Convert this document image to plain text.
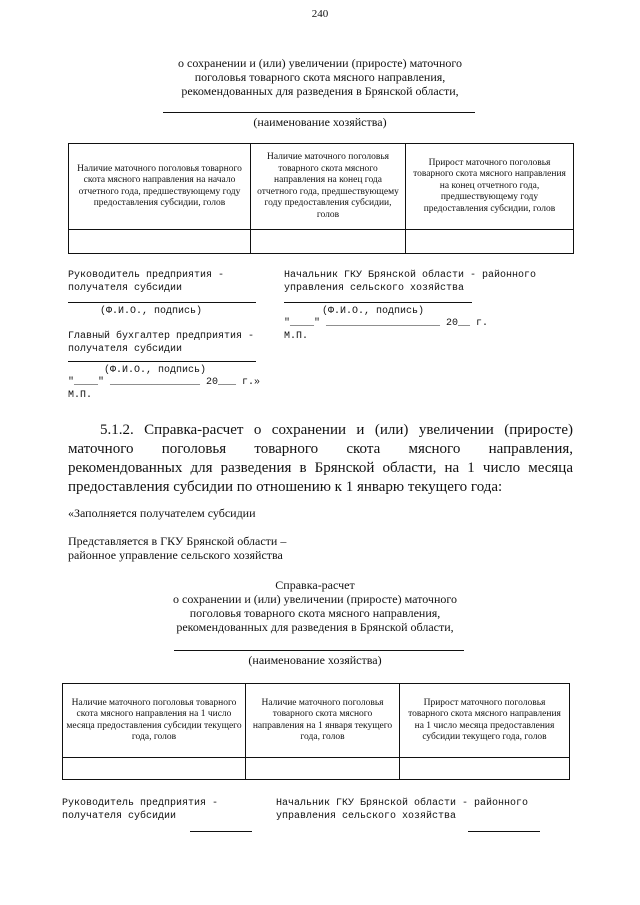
240
о сохранении и (или) увеличении (приросте) маточного
поголовья товарного скота мясного направления,
рекомендованных для разведения в Брянской области,
(наименование хозяйства)
Наличие маточного поголовья товарного скота мясного направления на начало отчетного года, предшествующему году предоставления субсидии, голов	Наличие маточного поголовья товарного скота мясного направления на конец года отчетного года, предшествующему году предоставления субсидии, голов	Прирост маточного поголовья товарного скота мясного направления на конец отчетного года, предшествующему году предоставления субсидии, голов

Руководитель предприятия -
получателя субсидии
Начальник ГКУ Брянской области - районного
управления сельского хозяйства
(Ф.И.О., подпись)	(Ф.И.О., подпись)
"____" ___________________ 20__ г.
М.П.
Главный бухгалтер предприятия -
получателя субсидии
(Ф.И.О., подпись)
"____" _______________ 20___ г.»
М.П.
5.1.2. Справка-расчет о сохранении и (или) увеличении (приросте)
маточного поголовья товарного скота мясного направления,
рекомендованных для разведения в Брянской области, на 1 число месяца
предоставления субсидии по отношению к 1 январю текущего года:
«Заполняется получателем субсидии
Представляется в ГКУ Брянской области –
районное управление сельского хозяйства
Справка-расчет
о сохранении и (или) увеличении (приросте) маточного
поголовья товарного скота мясного направления,
рекомендованных для разведения в Брянской области,
(наименование хозяйства)
Наличие маточного поголовья товарного скота мясного направления на 1 число месяца предоставления субсидии текущего года, голов	Наличие маточного поголовья товарного скота мясного направления на 1 января текущего года, голов	Прирост маточного поголовья товарного скота мясного направления на 1 число месяца предоставления субсидии текущего года, голов

Руководитель предприятия -
получателя субсидии
Начальник ГКУ Брянской области - районного
управления сельского хозяйства
